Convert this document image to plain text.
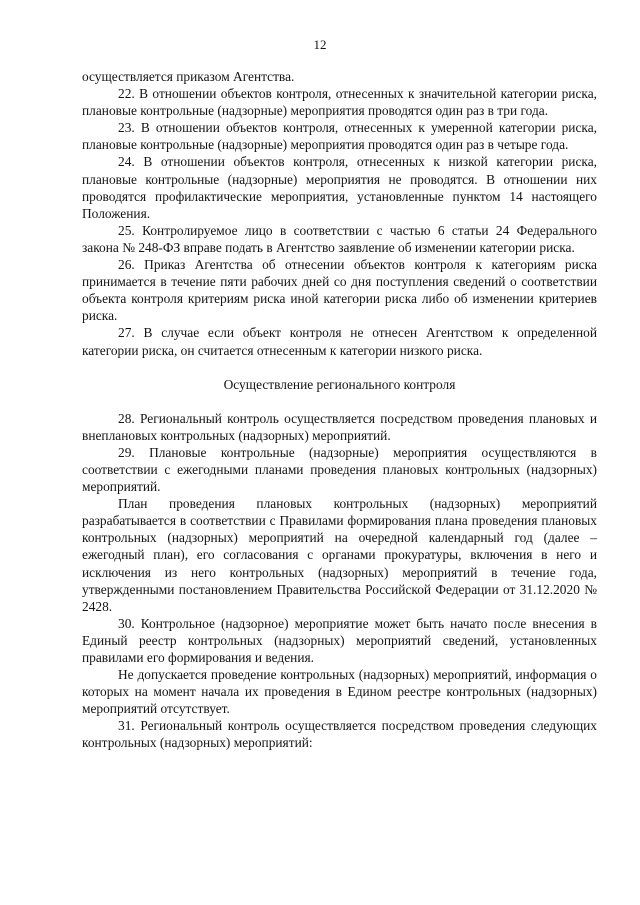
12

осуществляется приказом Агентства.

22. В отношении объектов контроля, отнесенных к значительной категории риска, плановые контрольные (надзорные) мероприятия проводятся один раз в три года.

23. В отношении объектов контроля, отнесенных к умеренной категории риска, плановые контрольные (надзорные) мероприятия проводятся один раз в четыре года.

24. В отношении объектов контроля, отнесенных к низкой категории риска, плановые контрольные (надзорные) мероприятия не проводятся. В отношении них проводятся профилактические мероприятия, установленные пунктом 14 настоящего Положения.

25. Контролируемое лицо в соответствии с частью 6 статьи 24 Федерального закона № 248-ФЗ вправе подать в Агентство заявление об изменении категории риска.

26. Приказ Агентства об отнесении объектов контроля к категориям риска принимается в течение пяти рабочих дней со дня поступления сведений о соответствии объекта контроля критериям риска иной категории риска либо об изменении критериев риска.

27. В случае если объект контроля не отнесен Агентством к определенной категории риска, он считается отнесенным к категории низкого риска.

Осуществление регионального контроля

28. Региональный контроль осуществляется посредством проведения плановых и внеплановых контрольных (надзорных) мероприятий.

29. Плановые контрольные (надзорные) мероприятия осуществляются в соответствии с ежегодными планами проведения плановых контрольных (надзорных) мероприятий.

План проведения плановых контрольных (надзорных) мероприятий разрабатывается в соответствии с Правилами формирования плана проведения плановых контрольных (надзорных) мероприятий на очередной календарный год (далее – ежегодный план), его согласования с органами прокуратуры, включения в него и исключения из него контрольных (надзорных) мероприятий в течение года, утвержденными постановлением Правительства Российской Федерации от 31.12.2020 № 2428.

30. Контрольное (надзорное) мероприятие может быть начато после внесения в Единый реестр контрольных (надзорных) мероприятий сведений, установленных правилами его формирования и ведения.

Не допускается проведение контрольных (надзорных) мероприятий, информация о которых на момент начала их проведения в Едином реестре контрольных (надзорных) мероприятий отсутствует.

31. Региональный контроль осуществляется посредством проведения следующих контрольных (надзорных) мероприятий:
